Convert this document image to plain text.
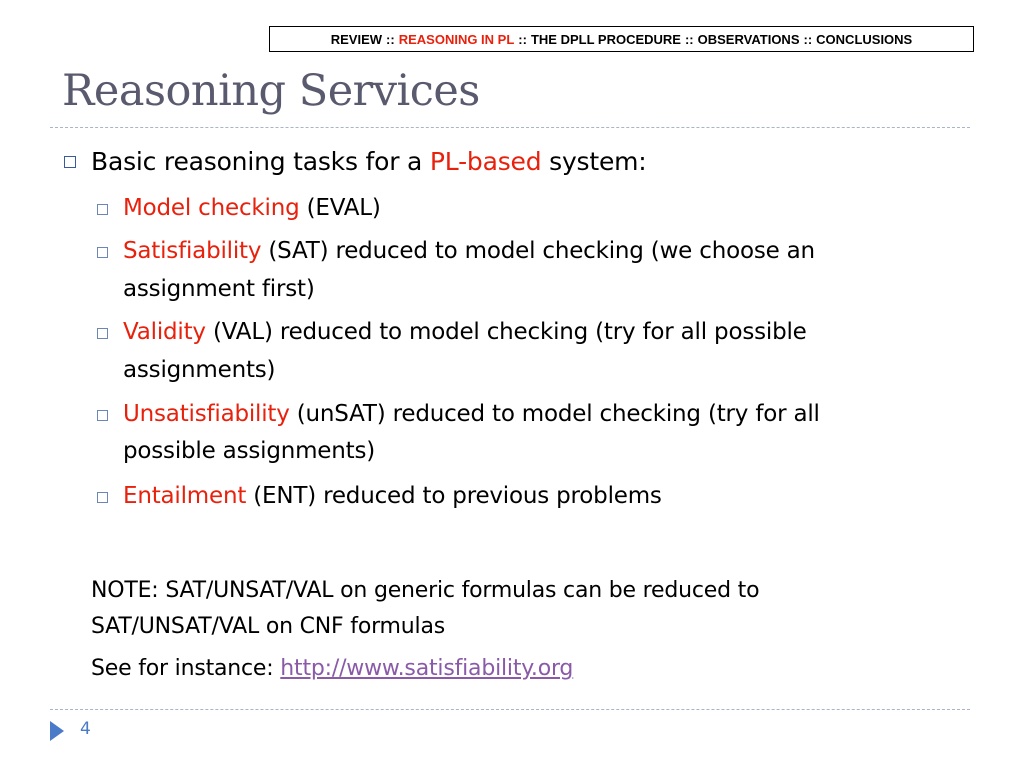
REVIEW :: REASONING IN PL :: THE DPLL PROCEDURE :: OBSERVATIONS :: CONCLUSIONS
Reasoning Services
Basic reasoning tasks for a PL-based system:
Model checking (EVAL)
Satisfiability (SAT) reduced to model checking (we choose an
assignment first)
Validity (VAL) reduced to model checking (try for all possible
assignments)
Unsatisfiability (unSAT) reduced to model checking (try for all
possible assignments)
Entailment (ENT) reduced to previous problems
NOTE: SAT/UNSAT/VAL on generic formulas can be reduced to
SAT/UNSAT/VAL on CNF formulas
See for instance: http://www.satisfiability.org
4
